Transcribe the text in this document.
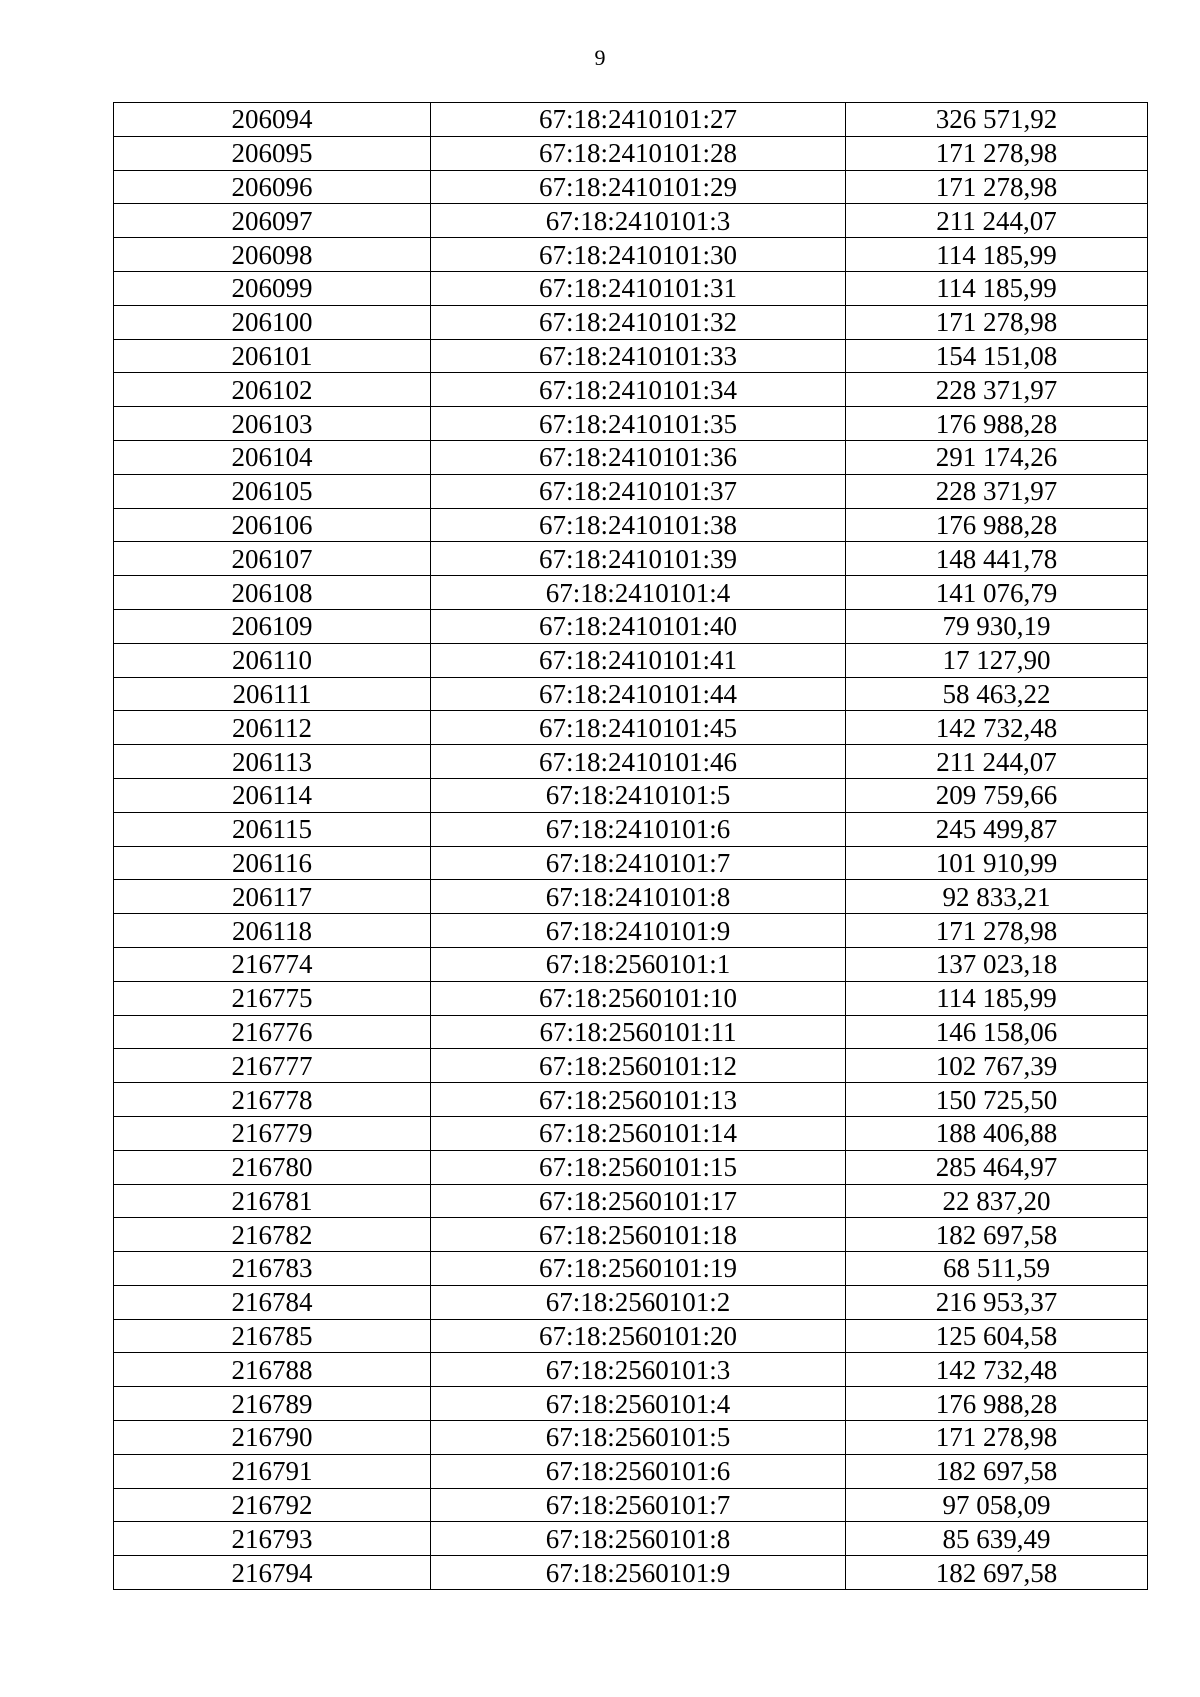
9
206094	67:18:2410101:27	326 571,92
206095	67:18:2410101:28	171 278,98
206096	67:18:2410101:29	171 278,98
206097	67:18:2410101:3	211 244,07
206098	67:18:2410101:30	114 185,99
206099	67:18:2410101:31	114 185,99
206100	67:18:2410101:32	171 278,98
206101	67:18:2410101:33	154 151,08
206102	67:18:2410101:34	228 371,97
206103	67:18:2410101:35	176 988,28
206104	67:18:2410101:36	291 174,26
206105	67:18:2410101:37	228 371,97
206106	67:18:2410101:38	176 988,28
206107	67:18:2410101:39	148 441,78
206108	67:18:2410101:4	141 076,79
206109	67:18:2410101:40	79 930,19
206110	67:18:2410101:41	17 127,90
206111	67:18:2410101:44	58 463,22
206112	67:18:2410101:45	142 732,48
206113	67:18:2410101:46	211 244,07
206114	67:18:2410101:5	209 759,66
206115	67:18:2410101:6	245 499,87
206116	67:18:2410101:7	101 910,99
206117	67:18:2410101:8	92 833,21
206118	67:18:2410101:9	171 278,98
216774	67:18:2560101:1	137 023,18
216775	67:18:2560101:10	114 185,99
216776	67:18:2560101:11	146 158,06
216777	67:18:2560101:12	102 767,39
216778	67:18:2560101:13	150 725,50
216779	67:18:2560101:14	188 406,88
216780	67:18:2560101:15	285 464,97
216781	67:18:2560101:17	22 837,20
216782	67:18:2560101:18	182 697,58
216783	67:18:2560101:19	68 511,59
216784	67:18:2560101:2	216 953,37
216785	67:18:2560101:20	125 604,58
216788	67:18:2560101:3	142 732,48
216789	67:18:2560101:4	176 988,28
216790	67:18:2560101:5	171 278,98
216791	67:18:2560101:6	182 697,58
216792	67:18:2560101:7	97 058,09
216793	67:18:2560101:8	85 639,49
216794	67:18:2560101:9	182 697,58
